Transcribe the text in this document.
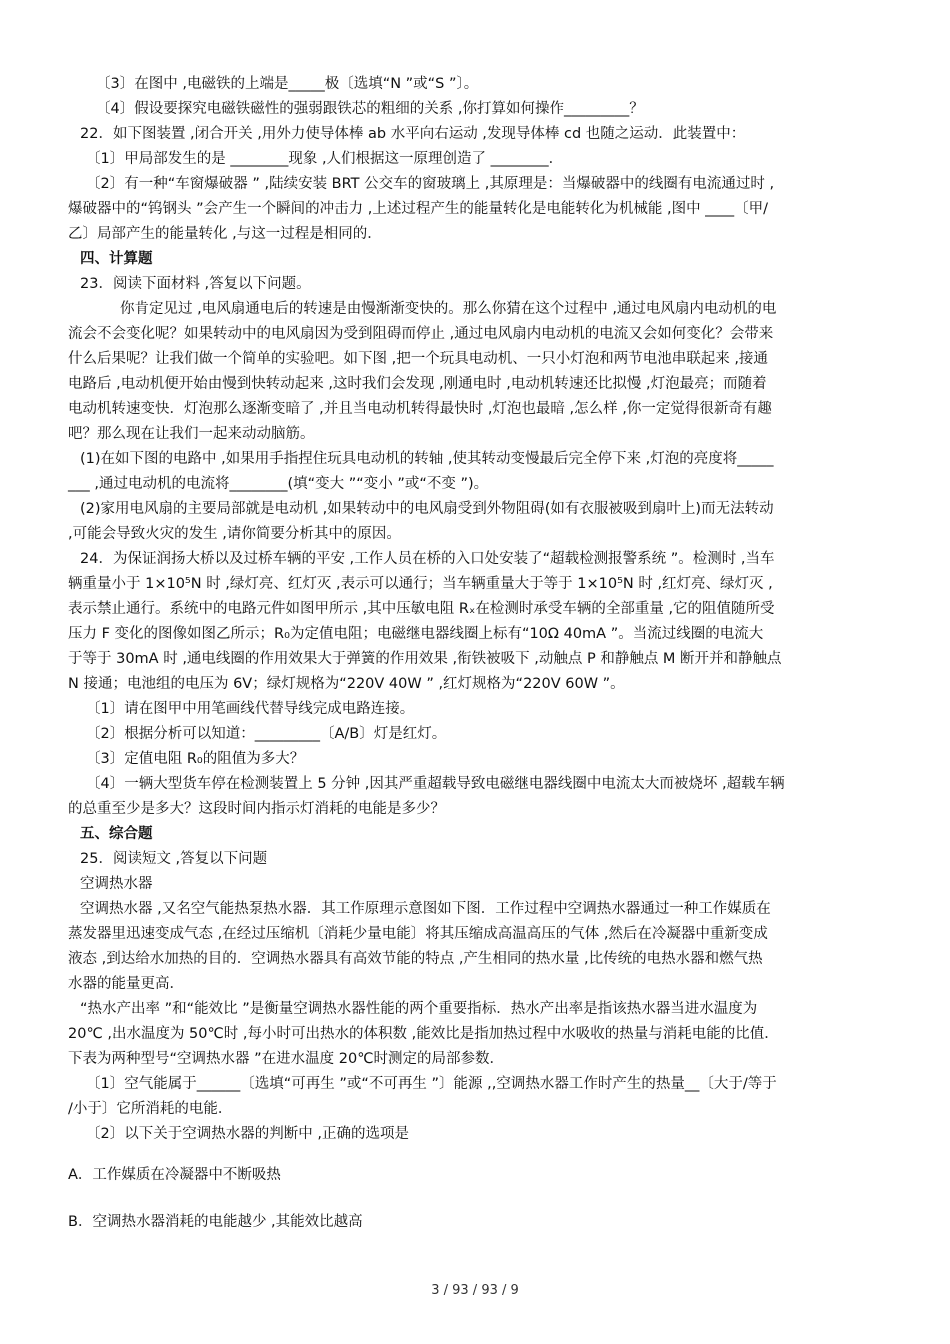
〔3〕在图中 ,电磁铁的上端是_____极〔选填“N ”或“S ”〕。

〔4〕假设要探究电磁铁磁性的强弱跟铁芯的粗细的关系 ,你打算如何操作_________？

22．如下图装置 ,闭合开关 ,用外力使导体棒 ab 水平向右运动 ,发现导体棒 cd 也随之运动．此装置中：

〔1〕甲局部发生的是 ________现象 ,人们根据这一原理创造了 ________．

〔2〕有一种“车窗爆破器 ” ,陆续安装 BRT 公交车的窗玻璃上 ,其原理是：当爆破器中的线圈有电流通过时 ,

爆破器中的“钨钢头 ”会产生一个瞬间的冲击力 ,上述过程产生的能量转化是电能转化为机械能 ,图中 ____〔甲/

乙〕局部产生的能量转化 ,与这一过程是相同的．

四、计算题

23．阅读下面材料 ,答复以下问题。

你肯定见过 ,电风扇通电后的转速是由慢渐渐变快的。那么你猜在这个过程中 ,通过电风扇内电动机的电

流会不会变化呢？如果转动中的电风扇因为受到阻碍而停止 ,通过电风扇内电动机的电流又会如何变化？会带来

什么后果呢？让我们做一个简单的实验吧。如下图 ,把一个玩具电动机、一只小灯泡和两节电池串联起来 ,接通

电路后 ,电动机便开始由慢到快转动起来 ,这时我们会发现 ,刚通电时 ,电动机转速还比拟慢 ,灯泡最亮；而随着

电动机转速变快．灯泡那么逐渐变暗了 ,并且当电动机转得最快时 ,灯泡也最暗 ,怎么样 ,你一定觉得很新奇有趣

吧？那么现在让我们一起来动动脑筋。

(1)在如下图的电路中 ,如果用手指捏住玩具电动机的转轴 ,使其转动变慢最后完全停下来 ,灯泡的亮度将_____

___ ,通过电动机的电流将________(填“变大 ”“变小 ”或“不变 ”)。

(2)家用电风扇的主要局部就是电动机 ,如果转动中的电风扇受到外物阻碍(如有衣服被吸到扇叶上)而无法转动

,可能会导致火灾的发生 ,请你简要分析其中的原因。

24．为保证润扬大桥以及过桥车辆的平安 ,工作人员在桥的入口处安装了“超载检测报警系统 ”。检测时 ,当车

辆重量小于 1×10⁵N 时 ,绿灯亮、红灯灭 ,表示可以通行；当车辆重量大于等于 1×10⁵N 时 ,红灯亮、绿灯灭 ,

表示禁止通行。系统中的电路元件如图甲所示 ,其中压敏电阻 Rₓ在检测时承受车辆的全部重量 ,它的阻值随所受

压力 F 变化的图像如图乙所示；R₀为定值电阻；电磁继电器线圈上标有“10Ω 40mA ”。当流过线圈的电流大

于等于 30mA 时 ,通电线圈的作用效果大于弹簧的作用效果 ,衔铁被吸下 ,动触点 P 和静触点 M 断开并和静触点

N 接通；电池组的电压为 6V；绿灯规格为“220V 40W ” ,红灯规格为“220V 60W ”。

〔1〕请在图甲中用笔画线代替导线完成电路连接。

〔2〕根据分析可以知道：_________〔A/B〕灯是红灯。

〔3〕定值电阻 R₀的阻值为多大？

〔4〕一辆大型货车停在检测装置上 5 分钟 ,因其严重超载导致电磁继电器线圈中电流太大而被烧坏 ,超载车辆

的总重至少是多大？这段时间内指示灯消耗的电能是多少？

五、综合题

25．阅读短文 ,答复以下问题

空调热水器

空调热水器 ,又名空气能热泵热水器．其工作原理示意图如下图．工作过程中空调热水器通过一种工作媒质在

蒸发器里迅速变成气态 ,在经过压缩机〔消耗少量电能〕将其压缩成高温高压的气体 ,然后在冷凝器中重新变成

液态 ,到达给水加热的目的．空调热水器具有高效节能的特点 ,产生相同的热水量 ,比传统的电热水器和燃气热

水器的能量更高．

“热水产出率 ”和“能效比 ”是衡量空调热水器性能的两个重要指标．热水产出率是指该热水器当进水温度为

20℃ ,出水温度为 50℃时 ,每小时可出热水的体积数 ,能效比是指加热过程中水吸收的热量与消耗电能的比值．

下表为两种型号“空调热水器 ”在进水温度 20℃时测定的局部参数．

〔1〕空气能属于______〔选填“可再生 ”或“不可再生 ”〕能源 ,,空调热水器工作时产生的热量__〔大于/等于

/小于〕它所消耗的电能．

〔2〕以下关于空调热水器的判断中 ,正确的选项是

A．工作媒质在冷凝器中不断吸热

B．空调热水器消耗的电能越少 ,其能效比越高

3 / 93 / 93 / 9
